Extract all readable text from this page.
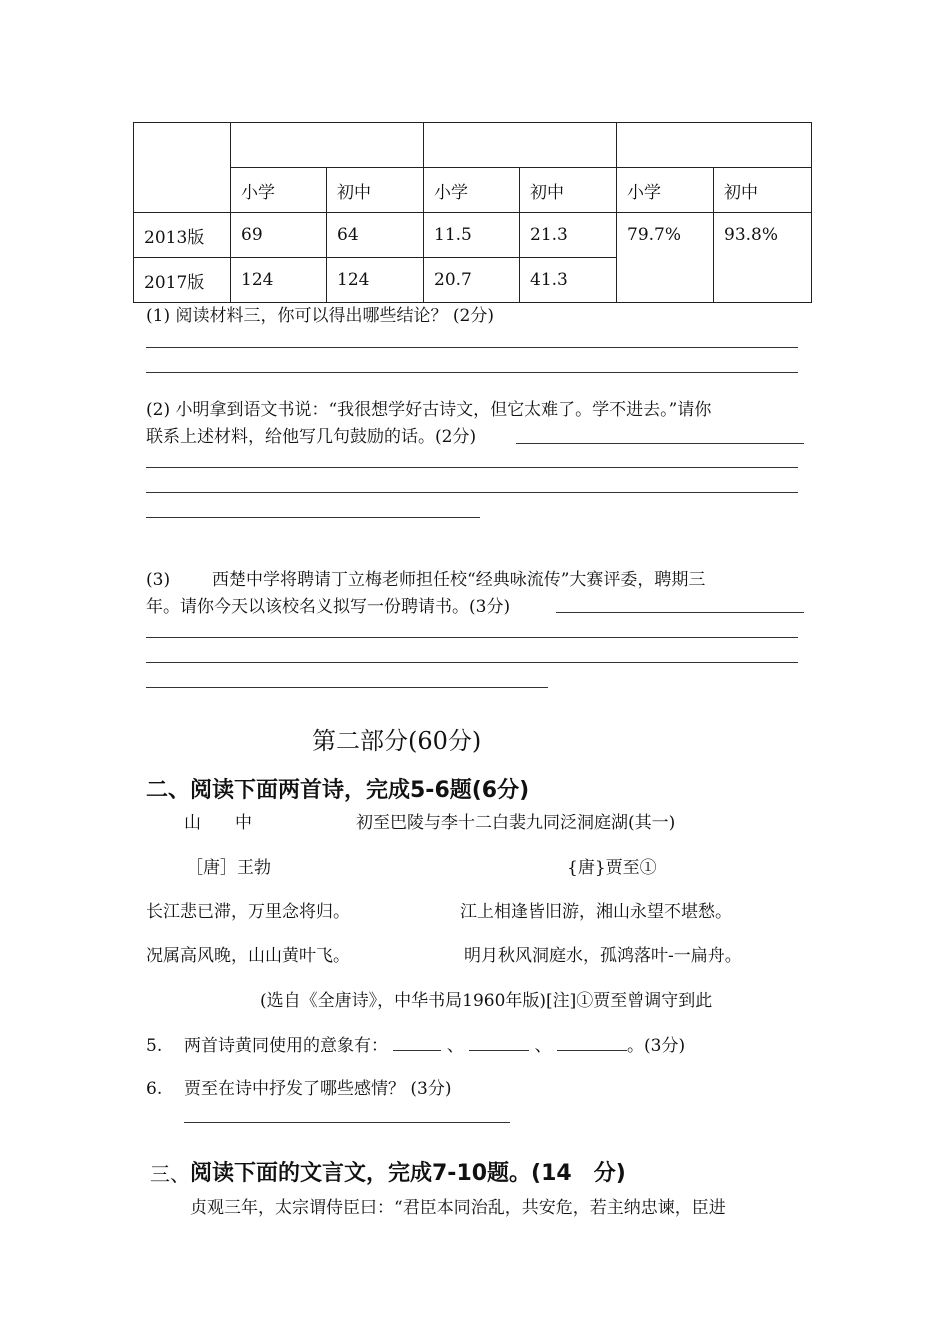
	小学	初中	小学	初中	小学	初中
2013版	69	64	11.5	21.3	79.7%	93.8%
2017版	124	124	20.7	41.3		
(1) 阅读材料三，你可以得出哪些结论？ (2分)
(2) 小明拿到语文书说：“我很想学好古诗文，但它太难了。学不进去。”请你
联系上述材料，给他写几句鼓励的话。(2分)
(3) 西楚中学将聘请丁立梅老师担任校“经典咏流传”大赛评委，聘期三
年。请你今天以该校名义拟写一份聘请书。(3分)
第二部分(60分)
二、阅读下面两首诗，完成5-6题(6分)
山　　中	初至巴陵与李十二白裴九同泛洞庭湖(其一)
［唐］王勃	{唐}贾至①
长江悲已滞，万里念将归。	江上相逢皆旧游，湘山永望不堪愁。
况属高风晚，山山黄叶飞。	明月秋风洞庭水，孤鸿落叶-一扁舟。
(选自《全唐诗》，中华书局1960年版)[注]①贾至曾调守到此
5. 两首诗黄同使用的意象有：	、	、	。(3分)
6. 贾至在诗中抒发了哪些感情？ (3分)
三、 阅读下面的文言文，完成7-10题。(14　分)
贞观三年，太宗谓侍臣曰：“君臣本同治乱，共安危，若主纳忠谏，臣进
